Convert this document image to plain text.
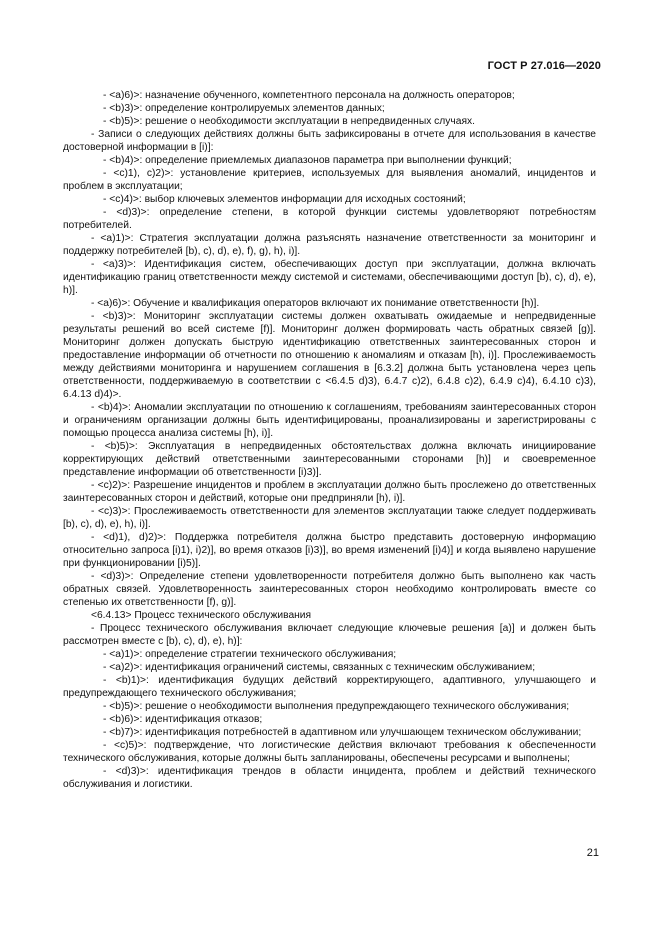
ГОСТ Р 27.016—2020

- <a)6)>: назначение обученного, компетентного персонала на должность операторов;

- <b)3)>: определение контролируемых элементов данных;

- <b)5)>: решение о необходимости эксплуатации в непредвиденных случаях.

- Записи о следующих действиях должны быть зафиксированы в отчете для использования в качестве достоверной информации в [i)]:

- <b)4)>: определение приемлемых диапазонов параметра при выполнении функций;

- <c)1), c)2)>: установление критериев, используемых для выявления аномалий, инцидентов и проблем в эксплуатации;

- <c)4)>: выбор ключевых элементов информации для исходных состояний;

- <d)3)>: определение степени, в которой функции системы удовлетворяют потребностям потребителей.

- <a)1)>: Стратегия эксплуатации должна разъяснять назначение ответственности за мониторинг и поддержку потребителей [b), c), d), e), f), g), h), i)].

- <a)3)>: Идентификация систем, обеспечивающих доступ при эксплуатации, должна включать идентификацию границ ответственности между системой и системами, обеспечивающими доступ [b), c), d), e), h)].

- <a)6)>: Обучение и квалификация операторов включают их понимание ответственности [h)].

- <b)3)>: Мониторинг эксплуатации системы должен охватывать ожидаемые и непредвиденные результаты решений во всей системе [f)]. Мониторинг должен формировать часть обратных связей [g)]. Мониторинг должен допускать быструю идентификацию ответственных заинтересованных сторон и предоставление информации об отчетности по отношению к аномалиям и отказам [h), i)]. Прослеживаемость между действиями мониторинга и нарушением соглашения в [6.3.2] должна быть установлена через цепь ответственности, поддерживаемую в соответствии с <6.4.5 d)3), 6.4.7 c)2), 6.4.8 c)2), 6.4.9 c)4), 6.4.10 c)3), 6.4.13 d)4)>.

- <b)4)>: Аномалии эксплуатации по отношению к соглашениям, требованиям заинтересованных сторон и ограничениям организации должны быть идентифицированы, проанализированы и зарегистрированы с помощью процесса анализа системы [h), i)].

- <b)5)>: Эксплуатация в непредвиденных обстоятельствах должна включать инициирование корректирующих действий ответственными заинтересованными сторонами [h)] и своевременное представление информации об ответственности [i)3)].

- <c)2)>: Разрешение инцидентов и проблем в эксплуатации должно быть прослежено до ответственных заинтересованных сторон и действий, которые они предприняли [h), i)].

- <c)3)>: Прослеживаемость ответственности для элементов эксплуатации также следует поддерживать [b), c), d), e), h), i)].

- <d)1), d)2)>: Поддержка потребителя должна быстро представить достоверную информацию относительно запроса [i)1), i)2)], во время отказов [i)3)], во время изменений [i)4)] и когда выявлено нарушение при функционировании [i)5)].

- <d)3)>: Определение степени удовлетворенности потребителя должно быть выполнено как часть обратных связей. Удовлетворенность заинтересованных сторон необходимо контролировать вместе со степенью их ответственности [f), g)].

<6.4.13> Процесс технического обслуживания

- Процесс технического обслуживания включает следующие ключевые решения [a)] и должен быть рассмотрен вместе с [b), c), d), e), h)]:

- <a)1)>: определение стратегии технического обслуживания;

- <a)2)>: идентификация ограничений системы, связанных с техническим обслуживанием;

- <b)1)>: идентификация будущих действий корректирующего, адаптивного, улучшающего и предупреждающего технического обслуживания;

- <b)5)>: решение о необходимости выполнения предупреждающего технического обслуживания;

- <b)6)>: идентификация отказов;

- <b)7)>: идентификация потребностей в адаптивном или улучшающем техническом обслуживании;

- <c)5)>: подтверждение, что логистические действия включают требования к обеспеченности технического обслуживания, которые должны быть запланированы, обеспечены ресурсами и выполнены;

- <d)3)>: идентификация трендов в области инцидента, проблем и действий технического обслуживания и логистики.

21
